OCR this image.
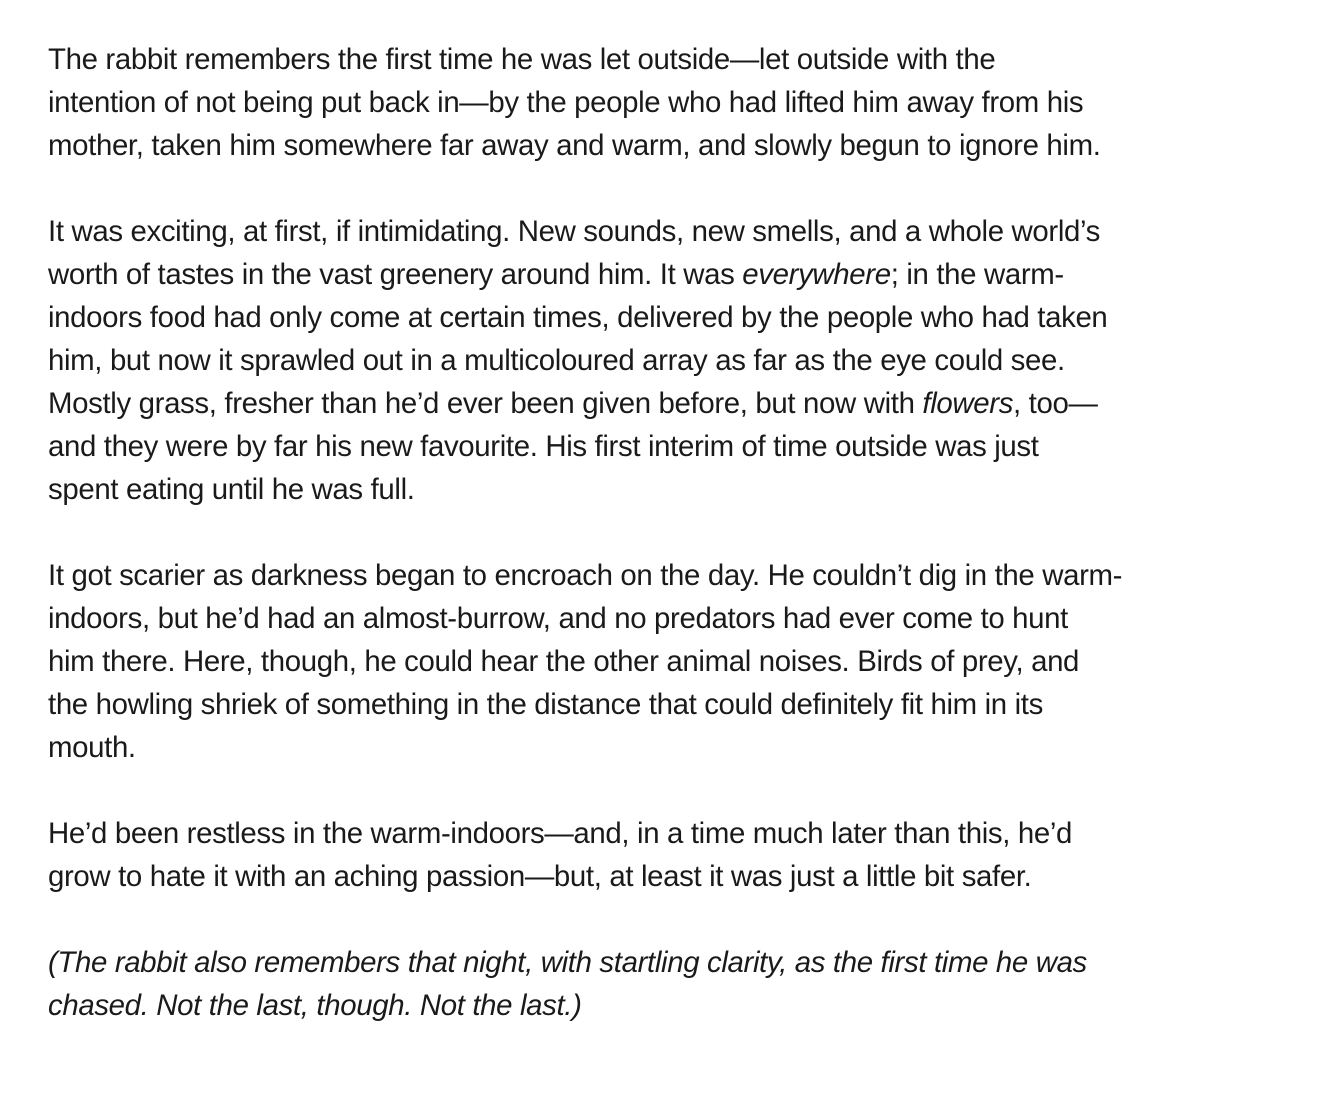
The rabbit remembers the first time he was let outside—let outside with the
intention of not being put back in—by the people who had lifted him away from his
mother, taken him somewhere far away and warm, and slowly begun to ignore him.

It was exciting, at first, if intimidating. New sounds, new smells, and a whole world’s
worth of tastes in the vast greenery around him. It was everywhere; in the warm-
indoors food had only come at certain times, delivered by the people who had taken
him, but now it sprawled out in a multicoloured array as far as the eye could see.
Mostly grass, fresher than he’d ever been given before, but now with flowers, too—
and they were by far his new favourite. His first interim of time outside was just
spent eating until he was full.

It got scarier as darkness began to encroach on the day. He couldn’t dig in the warm-
indoors, but he’d had an almost-burrow, and no predators had ever come to hunt
him there. Here, though, he could hear the other animal noises. Birds of prey, and
the howling shriek of something in the distance that could definitely fit him in its
mouth.

He’d been restless in the warm-indoors—and, in a time much later than this, he’d
grow to hate it with an aching passion—but, at least it was just a little bit safer.

(The rabbit also remembers that night, with startling clarity, as the first time he was
chased. Not the last, though. Not the last.)
